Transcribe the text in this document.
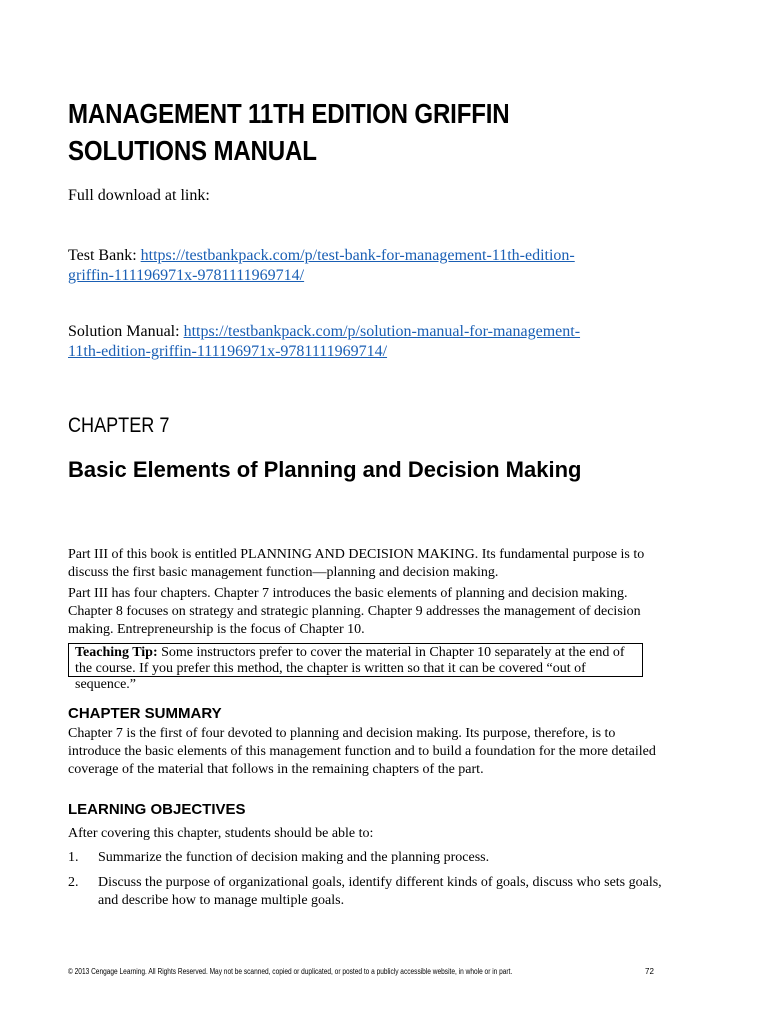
MANAGEMENT 11TH EDITION GRIFFIN
SOLUTIONS MANUAL

Full download at link:

Test Bank: https://testbankpack.com/p/test-bank-for-management-11th-edition-
griffin-111196971x-9781111969714/

Solution Manual: https://testbankpack.com/p/solution-manual-for-management-
11th-edition-griffin-111196971x-9781111969714/

CHAPTER 7

Basic Elements of Planning and Decision Making

Part III of this book is entitled PLANNING AND DECISION MAKING. Its fundamental purpose is to discuss the first basic management function—planning and decision making.

Part III has four chapters. Chapter 7 introduces the basic elements of planning and decision making. Chapter 8 focuses on strategy and strategic planning. Chapter 9 addresses the management of decision making. Entrepreneurship is the focus of Chapter 10.

Teaching Tip: Some instructors prefer to cover the material in Chapter 10 separately at the end of the course. If you prefer this method, the chapter is written so that it can be covered “out of sequence.”
CHAPTER SUMMARY

Chapter 7 is the first of four devoted to planning and decision making. Its purpose, therefore, is to introduce the basic elements of this management function and to build a foundation for the more detailed coverage of the material that follows in the remaining chapters of the part.

LEARNING OBJECTIVES

After covering this chapter, students should be able to:

1. Summarize the function of decision making and the planning process.
2. Discuss the purpose of organizational goals, identify different kinds of goals, discuss who sets goals, and describe how to manage multiple goals.
© 2013 Cengage Learning. All Rights Reserved. May not be scanned, copied or duplicated, or posted to a publicly accessible website, in whole or in part.	72
